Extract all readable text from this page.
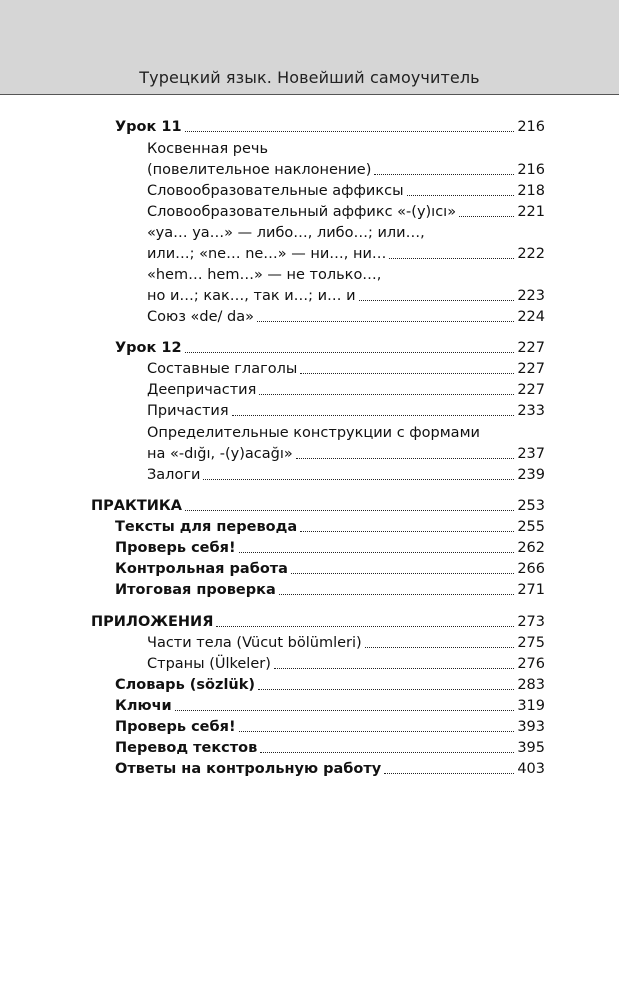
Турецкий язык. Новейший самоучитель
Урок 11	216
Косвенная речь
(повелительное наклонение)	216
Словообразовательные аффиксы	218
Словообразовательный аффикс «-(y)ıcı»	221
«ya… ya…» — либо…, либо…; или…,
или…; «ne… ne…» — ни…, ни…	222
«hem… hem…» — не только…,
но и…; как…, так и…; и… и	223
Союз «de/ da»	224
Урок 12	227
Составные глаголы	227
Деепричастия	227
Причастия	233
Определительные конструкции с формами
на «-dığı, -(y)acağı»	237
Залоги	239
ПРАКТИКА	253
Тексты для перевода	255
Проверь себя!	262
Контрольная работа	266
Итоговая проверка	271
ПРИЛОЖЕНИЯ	273
Части тела (Vücut bölümleri)	275
Страны (Ülkeler)	276
Словарь (sözlük)	283
Ключи	319
Проверь себя!	393
Перевод текстов	395
Ответы на контрольную работу	403
